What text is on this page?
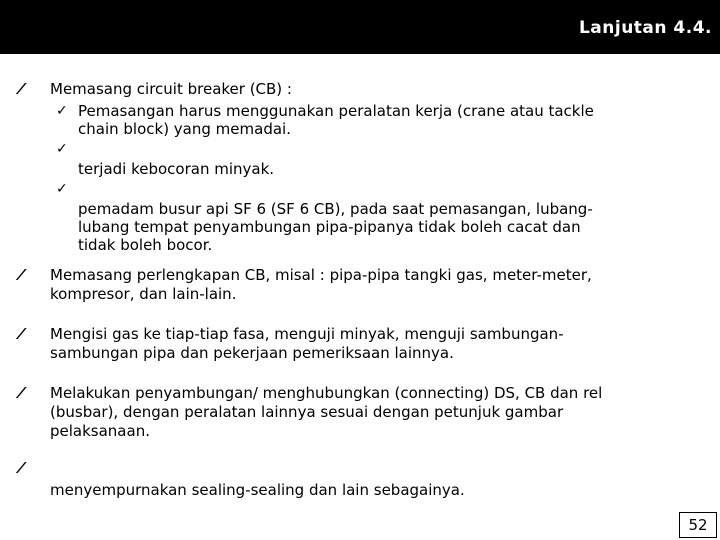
Lanjutan 4.4.
⁄ Memasang circuit breaker (CB) :
✓ Pemasangan harus menggunakan peralatan kerja (crane atau tackle
chain block) yang memadai.
✓
terjadi kebocoran minyak.
✓
pemadam busur api SF 6 (SF 6 CB), pada saat pemasangan, lubang-
lubang tempat penyambungan pipa-pipanya tidak boleh cacat dan
tidak boleh bocor.
⁄ Memasang perlengkapan CB, misal : pipa-pipa tangki gas, meter-meter,
kompresor, dan lain-lain.
⁄ Mengisi gas ke tiap-tiap fasa, menguji minyak, menguji sambungan-
sambungan pipa dan pekerjaan pemeriksaan lainnya.
⁄ Melakukan penyambungan/ menghubungkan (connecting) DS, CB dan rel
(busbar), dengan peralatan lainnya sesuai dengan petunjuk gambar
pelaksanaan.
⁄
menyempurnakan sealing-sealing dan lain sebagainya.
52
